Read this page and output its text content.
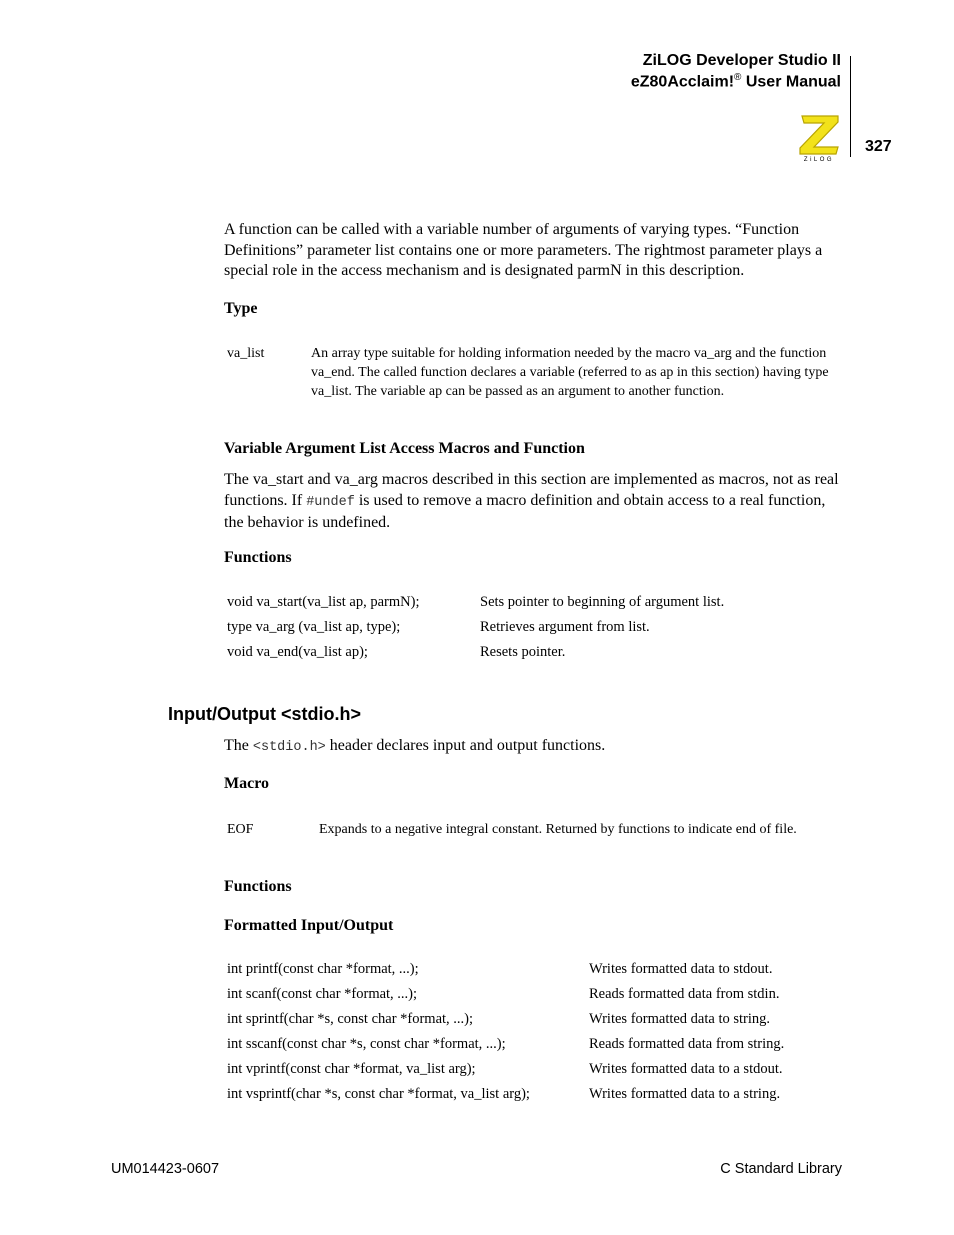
ZiLOG Developer Studio II
eZ80Acclaim!® User Manual
ZiLOG
327
A function can be called with a variable number of arguments of varying types. “Function Definitions” parameter list contains one or more parameters. The rightmost parameter plays a special role in the access mechanism and is designated parmN in this description.
Type
va_list	An array type suitable for holding information needed by the macro va_arg and the function va_end. The called function declares a variable (referred to as ap in this section) having type va_list. The variable ap can be passed as an argument to another function.
Variable Argument List Access Macros and Function
The va_start and va_arg macros described in this section are implemented as macros, not as real functions. If #undef is used to remove a macro definition and obtain access to a real function, the behavior is undefined.
Functions
void va_start(va_list ap, parmN);	Sets pointer to beginning of argument list.
type va_arg (va_list ap, type);	Retrieves argument from list.
void va_end(va_list ap);	Resets pointer.
Input/Output <stdio.h>
The <stdio.h> header declares input and output functions.
Macro
EOF	Expands to a negative integral constant. Returned by functions to indicate end of file.
Functions
Formatted Input/Output
int printf(const char *format, ...);	Writes formatted data to stdout.
int scanf(const char *format, ...);	Reads formatted data from stdin.
int sprintf(char *s, const char *format, ...);	Writes formatted data to string.
int sscanf(const char *s, const char *format, ...);	Reads formatted data from string.
int vprintf(const char *format, va_list arg);	Writes formatted data to a stdout.
int vsprintf(char *s, const char *format, va_list arg);	Writes formatted data to a string.
UM014423-0607	C Standard Library
